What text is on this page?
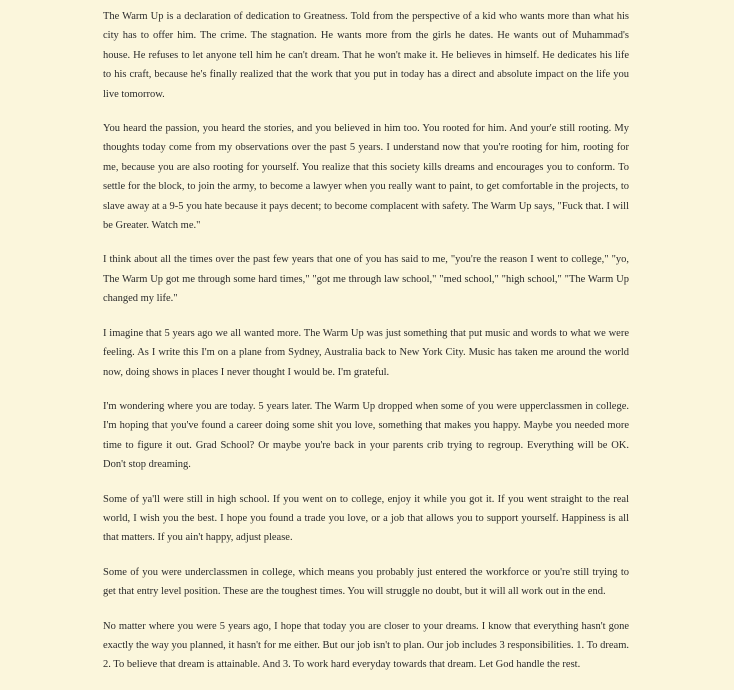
The Warm Up is a declaration of dedication to Greatness. Told from the perspective of a kid who wants more than what his city has to offer him. The crime. The stagnation. He wants more from the girls he dates. He wants out of Muhammad's house. He refuses to let anyone tell him he can't dream. That he won't make it. He believes in himself. He dedicates his life to his craft, because he's finally realized that the work that you put in today has a direct and absolute impact on the life you live tomorrow.

You heard the passion, you heard the stories, and you believed in him too. You rooted for him. And your'e still rooting. My thoughts today come from my observations over the past 5 years. I understand now that you're rooting for him, rooting for me, because you are also rooting for yourself. You realize that this society kills dreams and encourages you to conform. To settle for the block, to join the army, to become a lawyer when you really want to paint, to get comfortable in the projects, to slave away at a 9-5 you hate because it pays decent; to become complacent with safety. The Warm Up says, "Fuck that. I will be Greater. Watch me."

I think about all the times over the past few years that one of you has said to me, "you're the reason I went to college," "yo, The Warm Up got me through some hard times," "got me through law school," "med school," "high school," "The Warm Up changed my life."

I imagine that 5 years ago we all wanted more. The Warm Up was just something that put music and words to what we were feeling. As I write this I'm on a plane from Sydney, Australia back to New York City. Music has taken me around the world now, doing shows in places I never thought I would be. I'm grateful.

I'm wondering where you are today. 5 years later. The Warm Up dropped when some of you were upperclassmen in college. I'm hoping that you've found a career doing some shit you love, something that makes you happy. Maybe you needed more time to figure it out. Grad School? Or maybe you're back in your parents crib trying to regroup. Everything will be OK. Don't stop dreaming.

Some of ya'll were still in high school. If you went on to college, enjoy it while you got it. If you went straight to the real world, I wish you the best. I hope you found a trade you love, or a job that allows you to support yourself. Happiness is all that matters. If you ain't happy, adjust please.

Some of you were underclassmen in college, which means you probably just entered the workforce or you're still trying to get that entry level position. These are the toughest times. You will struggle no doubt, but it will all work out in the end.

No matter where you were 5 years ago, I hope that today you are closer to your dreams. I know that everything hasn't gone exactly the way you planned, it hasn't for me either. But our job isn't to plan. Our job includes 3 responsibilities. 1. To dream. 2. To believe that dream is attainable. And 3. To work hard everyday towards that dream. Let God handle the rest.
